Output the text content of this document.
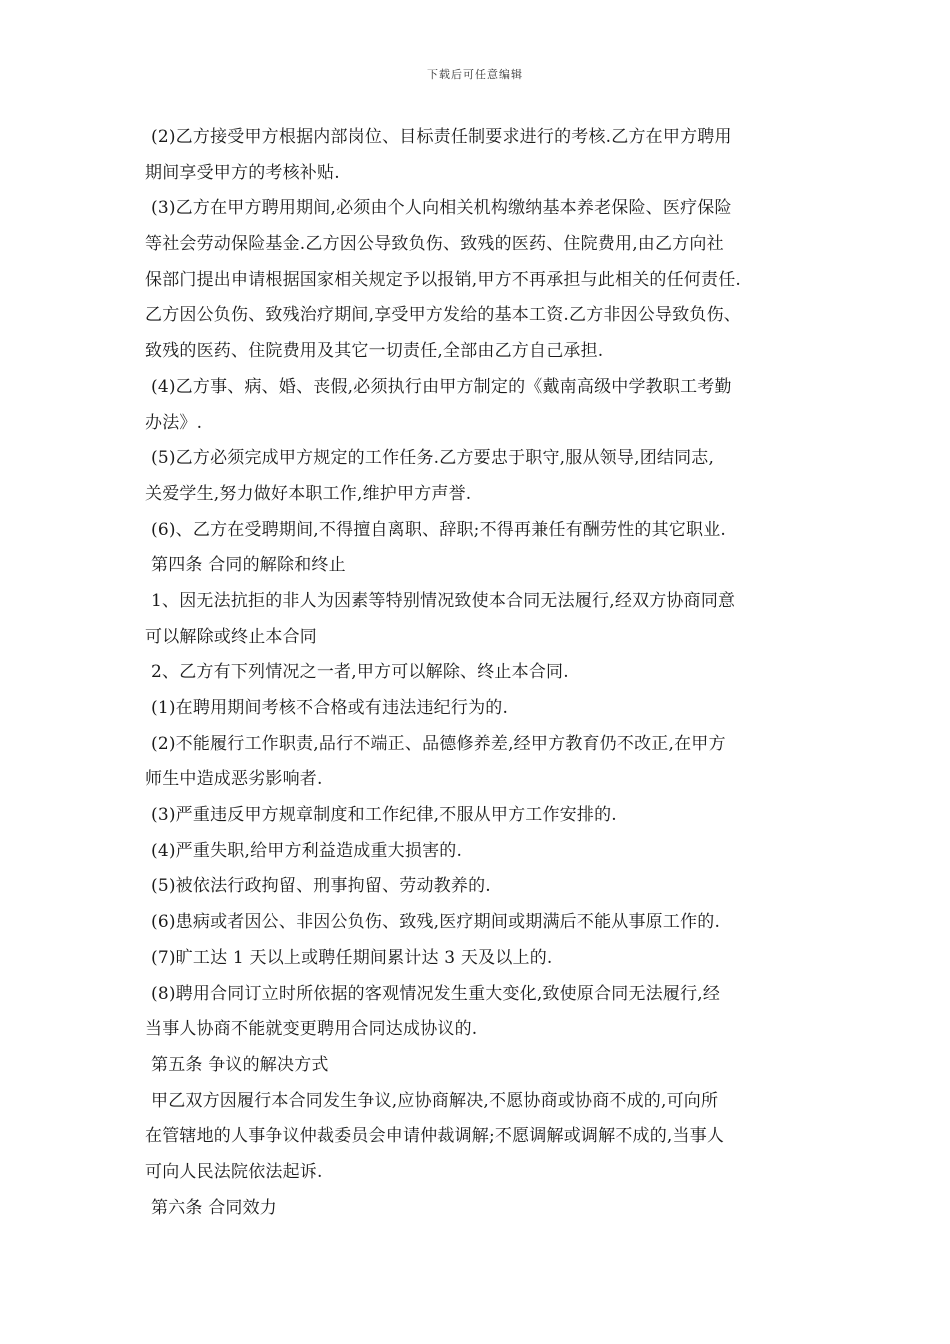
下载后可任意编辑
(2)乙方接受甲方根据内部岗位、目标责任制要求进行的考核.乙方在甲方聘用
期间享受甲方的考核补贴.
(3)乙方在甲方聘用期间,必须由个人向相关机构缴纳基本养老保险、医疗保险
等社会劳动保险基金.乙方因公导致负伤、致残的医药、住院费用,由乙方向社
保部门提出申请根据国家相关规定予以报销,甲方不再承担与此相关的任何责任.
乙方因公负伤、致残治疗期间,享受甲方发给的基本工资.乙方非因公导致负伤、
致残的医药、住院费用及其它一切责任,全部由乙方自己承担.
(4)乙方事、病、婚、丧假,必须执行由甲方制定的《戴南高级中学教职工考勤
办法》.
(5)乙方必须完成甲方规定的工作任务.乙方要忠于职守,服从领导,团结同志,
关爱学生,努力做好本职工作,维护甲方声誉.
(6)、乙方在受聘期间,不得擅自离职、辞职;不得再兼任有酬劳性的其它职业.
第四条 合同的解除和终止
1、因无法抗拒的非人为因素等特别情况致使本合同无法履行,经双方协商同意
可以解除或终止本合同
2、乙方有下列情况之一者,甲方可以解除、终止本合同.
(1)在聘用期间考核不合格或有违法违纪行为的.
(2)不能履行工作职责,品行不端正、品德修养差,经甲方教育仍不改正,在甲方
师生中造成恶劣影响者.
(3)严重违反甲方规章制度和工作纪律,不服从甲方工作安排的.
(4)严重失职,给甲方利益造成重大损害的.
(5)被依法行政拘留、刑事拘留、劳动教养的.
(6)患病或者因公、非因公负伤、致残,医疗期间或期满后不能从事原工作的.
(7)旷工达 1 天以上或聘任期间累计达 3 天及以上的.
(8)聘用合同订立时所依据的客观情况发生重大变化,致使原合同无法履行,经
当事人协商不能就变更聘用合同达成协议的.
第五条 争议的解决方式
甲乙双方因履行本合同发生争议,应协商解决,不愿协商或协商不成的,可向所
在管辖地的人事争议仲裁委员会申请仲裁调解;不愿调解或调解不成的,当事人
可向人民法院依法起诉.
第六条 合同效力
